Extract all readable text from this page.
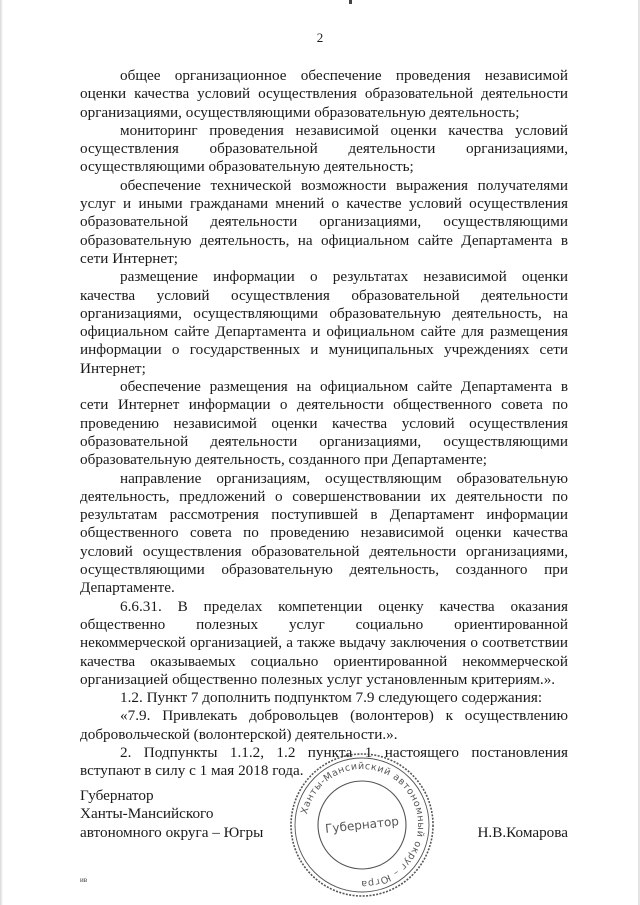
2

общее организационное обеспечение проведения независимой оценки качества условий осуществления образовательной деятельности организациями, осуществляющими образовательную деятельность;

мониторинг проведения независимой оценки качества условий осуществления образовательной деятельности организациями, осуществляющими образовательную деятельность;

обеспечение технической возможности выражения получателями услуг и иными гражданами мнений о качестве условий осуществления образовательной деятельности организациями, осуществляющими образовательную деятельность, на официальном сайте Департамента в сети Интернет;

размещение информации о результатах независимой оценки качества условий осуществления образовательной деятельности организациями, осуществляющими образовательную деятельность, на официальном сайте Департамента и официальном сайте для размещения информации о государственных и муниципальных учреждениях сети Интернет;

обеспечение размещения на официальном сайте Департамента в сети Интернет информации о деятельности общественного совета по проведению независимой оценки качества условий осуществления образовательной деятельности организациями, осуществляющими образовательную деятельность, созданного при Департаменте;

направление организациям, осуществляющим образовательную деятельность, предложений о совершенствовании их деятельности по результатам рассмотрения поступившей в Департамент информации общественного совета по проведению независимой оценки качества условий осуществления образовательной деятельности организациями, осуществляющими образовательную деятельность, созданного при Департаменте.

6.6.31. В пределах компетенции оценку качества оказания общественно полезных услуг социально ориентированной некоммерческой организацией, а также выдачу заключения о соответствии качества оказываемых социально ориентированной некоммерческой организацией общественно полезных услуг установленным критериям.».

1.2. Пункт 7 дополнить подпунктом 7.9 следующего содержания:

«7.9. Привлекать добровольцев (волонтеров) к осуществлению добровольческой (волонтерской) деятельности.».

2. Подпункты 1.1.2, 1.2 пункта 1 настоящего постановления вступают в силу с 1 мая 2018 года.

Губернатор
Ханты-Мансийского
автономного округа – Югры	Н.В.Комарова
Ханты-Мансийский автономный округ – Югра
Губернатор
ив
